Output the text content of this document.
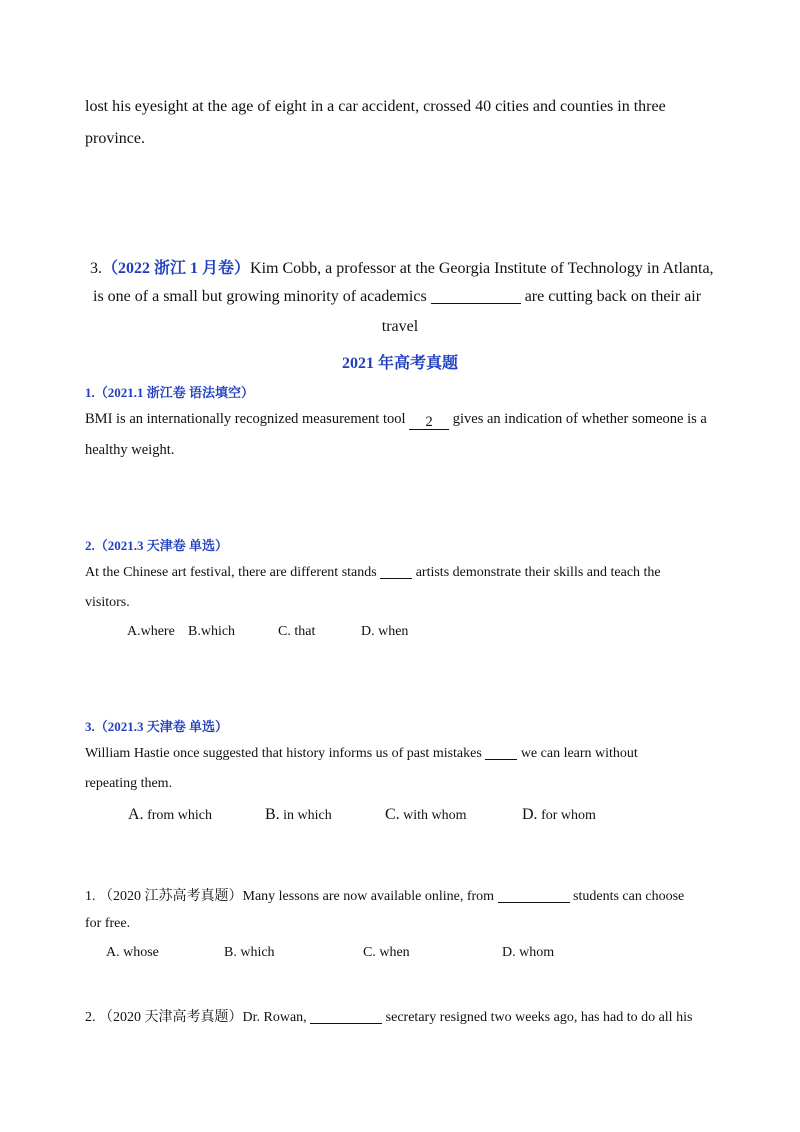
lost his eyesight at the age of eight in a car accident, crossed 40 cities and counties in three
province.
3.（2022 浙江 1 月卷）Kim Cobb, a professor at the Georgia Institute of Technology in Atlanta,
is one of a small but growing minority of academics	are cutting back on their air
travel
2021 年高考真题
1.（2021.1 浙江卷 语法填空）
BMI is an internationally recognized measurement tool 2 gives an indication of whether someone is a
healthy weight.
2.（2021.3 天津卷 单选）
At the Chinese art festival, there are different stands	artists demonstrate their skills and teach the
visitors.
A.where B.which	C. that	D. when
3.（2021.3 天津卷 单选）
William Hastie once suggested that history informs us of past mistakes	we can learn without
repeating them.
A. from which	B. in which	C. with whom	D. for whom
1. （2020 江苏高考真题）Many lessons are now available online, from	students can choose
for free.
A. whose	B. which	C. when	D. whom
2. （2020 天津高考真题）Dr. Rowan,	secretary resigned two weeks ago, has had to do all his
